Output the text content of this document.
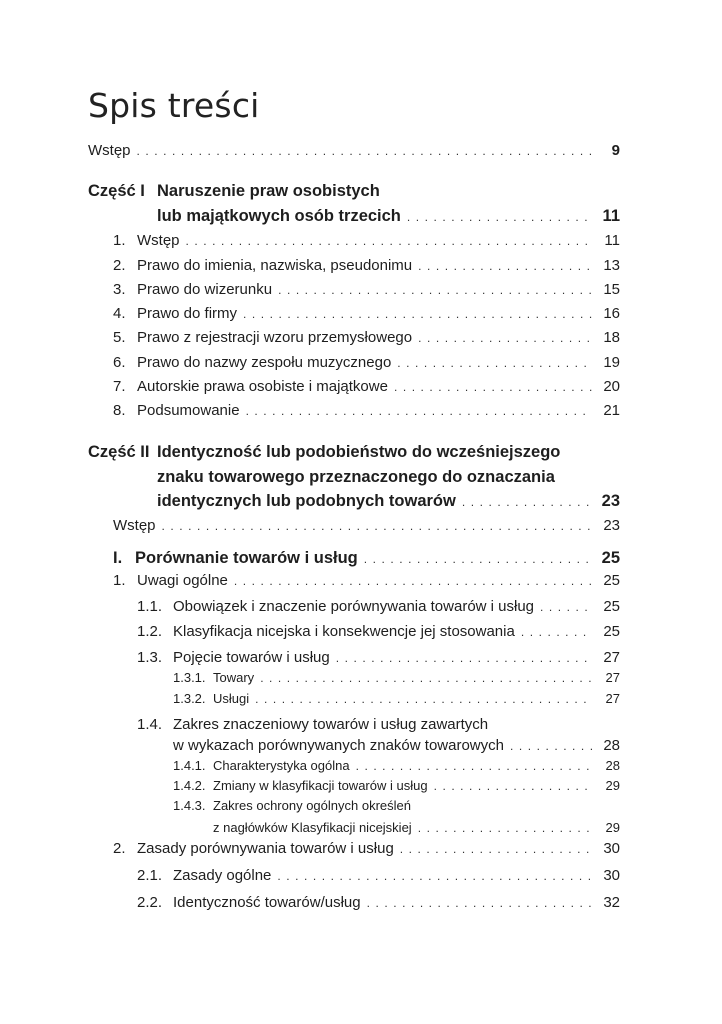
Spis treści
Wstęp . . .	9
Część I Naruszenie praw osobistych
lub majątkowych osób trzecich . . .	11
1. Wstęp . . .	11
2. Prawo do imienia, nazwiska, pseudonimu . . .	13
3. Prawo do wizerunku . . .	15
4. Prawo do firmy . . .	16
5. Prawo z rejestracji wzoru przemysłowego . . .	18
6. Prawo do nazwy zespołu muzycznego . . .	19
7. Autorskie prawa osobiste i majątkowe . . .	20
8. Podsumowanie . . .	21
Część II Identyczność lub podobieństwo do wcześniejszego
znaku towarowego przeznaczonego do oznaczania
identycznych lub podobnych towarów . . .	23
Wstęp . . .	23
I. Porównanie towarów i usług . . .	25
1. Uwagi ogólne . . .	25
1.1. Obowiązek i znaczenie porównywania towarów i usług . . .	25
1.2. Klasyfikacja nicejska i konsekwencje jej stosowania . . .	25
1.3. Pojęcie towarów i usług . . .	27
1.3.1. Towary . . .	27
1.3.2. Usługi . . .	27
1.4. Zakres znaczeniowy towarów i usług zawartych
w wykazach porównywanych znaków towarowych . . .	28
1.4.1. Charakterystyka ogólna . . .	28
1.4.2. Zmiany w klasyfikacji towarów i usług . . .	29
1.4.3. Zakres ochrony ogólnych określeń
z nagłówków Klasyfikacji nicejskiej . . .	29
2. Zasady porównywania towarów i usług . . .	30
2.1. Zasady ogólne . . .	30
2.2. Identyczność towarów/usług . . .	32
